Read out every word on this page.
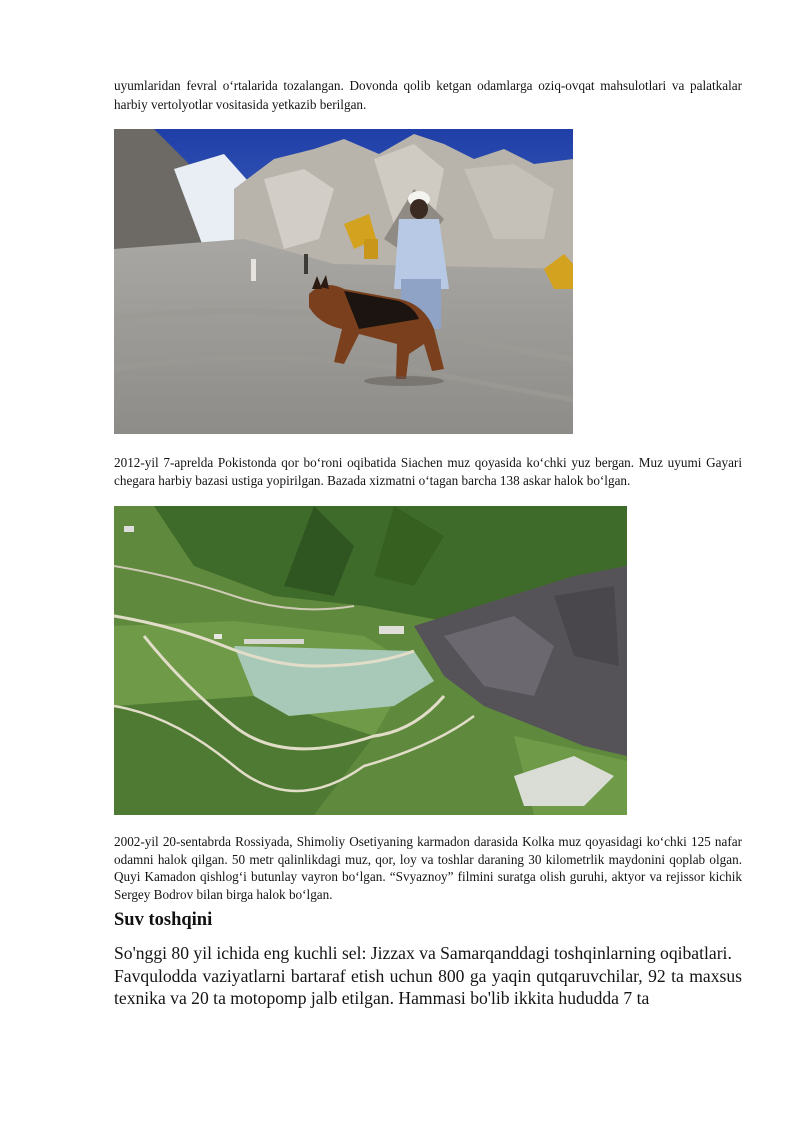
uyumlaridan fevral o‘rtalarida tozalangan. Dovonda qolib ketgan odamlarga oziq-ovqat mahsulotlari va palatkalar harbiy vertolyotlar vositasida yetkazib berilgan.
2012-yil 7-aprelda Pokistonda qor bo‘roni oqibatida Siachen muz qoyasida ko‘chki yuz bergan. Muz uyumi Gayari chegara harbiy bazasi ustiga yopirilgan. Bazada xizmatni o‘tagan barcha 138 askar halok bo‘lgan.
2002-yil 20-sentabrda Rossiyada, Shimoliy Osetiyaning karmadon darasida Kolka muz qoyasidagi ko‘chki 125 nafar odamni halok qilgan. 50 metr qalinlikdagi muz, qor, loy va toshlar daraning 30 kilometrlik maydonini qoplab olgan. Quyi Kamadon qishlog‘i butunlay vayron bo‘lgan. “Svyaznoy” filmini suratga olish guruhi, aktyor va rejissor kichik Sergey Bodrov bilan birga halok bo‘lgan.
Suv toshqini

So'nggi 80 yil ichida eng kuchli sel: Jizzax va Samarqanddagi toshqinlarning oqibatlari.

Favqulodda vaziyatlarni bartaraf etish uchun 800 ga yaqin qutqaruvchilar, 92 ta maxsus texnika va 20 ta motopomp jalb etilgan. Hammasi bo'lib ikkita hududda 7 ta
